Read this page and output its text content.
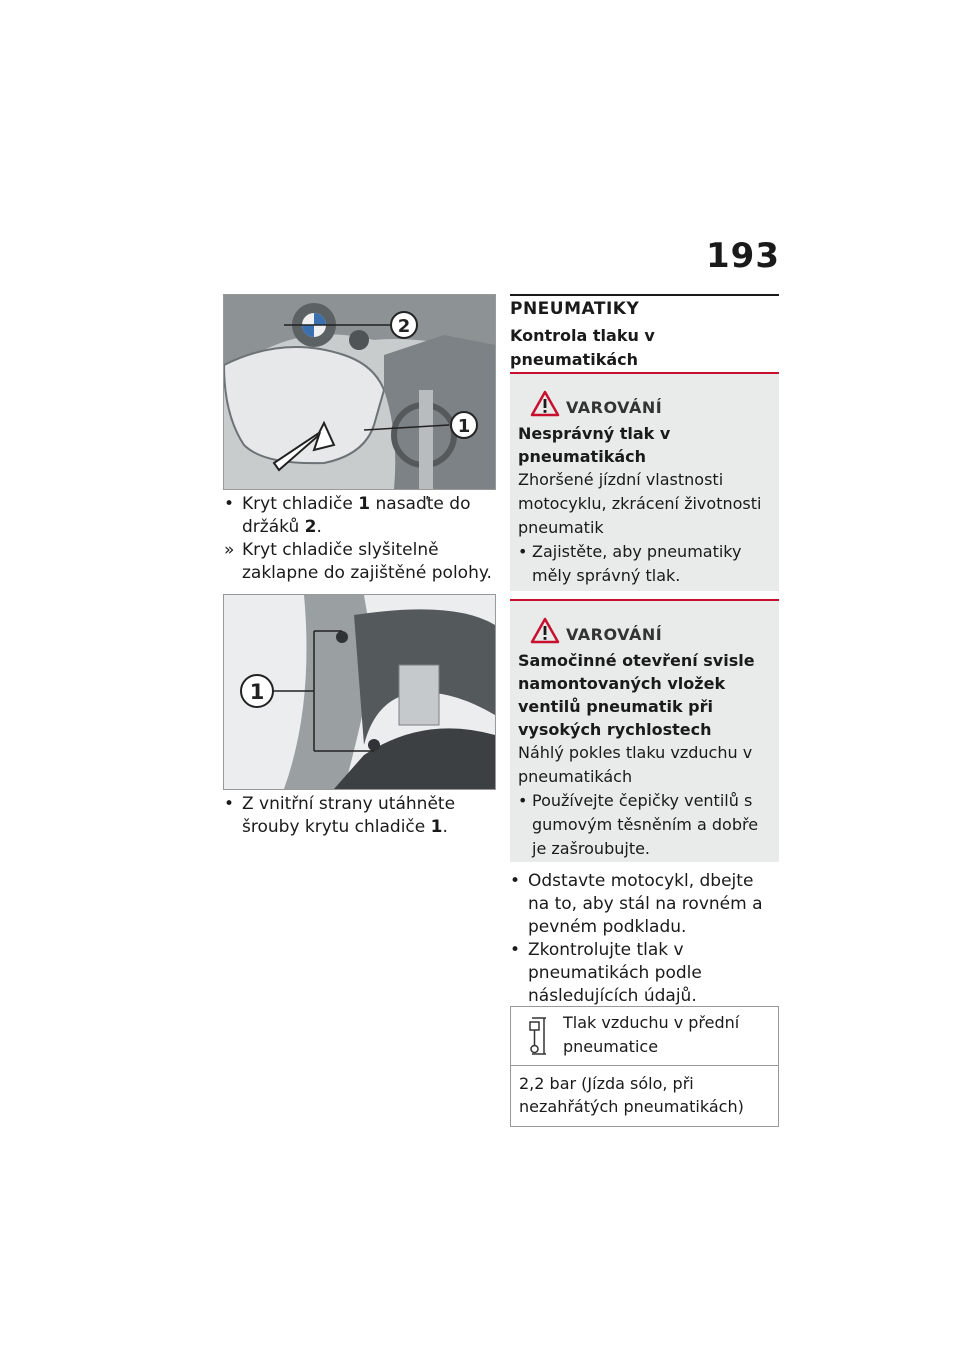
193
2
1
• Kryt chladiče 1 nasaďte do držáků 2.
» Kryt chladiče slyšitelně zaklapne do zajištěné polohy.
1
• Z vnitřní strany utáhněte šrouby krytu chladiče 1.
PNEUMATIKY
Kontrola tlaku v pneumatikách
VAROVÁNÍ
Nesprávný tlak v pneumatikách
Zhoršené jízdní vlastnosti motocyklu, zkrácení životnosti pneumatik
• Zajistěte, aby pneumatiky měly správný tlak.
VAROVÁNÍ
Samočinné otevření svisle namontovaných vložek ventilů pneumatik při vysokých rychlostech
Náhlý pokles tlaku vzduchu v pneumatikách
• Používejte čepičky ventilů s gumovým těsněním a dobře je zašroubujte.
• Odstavte motocykl, dbejte na to, aby stál na rovném a pevném podkladu.
• Zkontrolujte tlak v pneumatikách podle následujících údajů.
Tlak vzduchu v přední pneumatice
2,2 bar (Jízda sólo, při nezahřátých pneumatikách)
